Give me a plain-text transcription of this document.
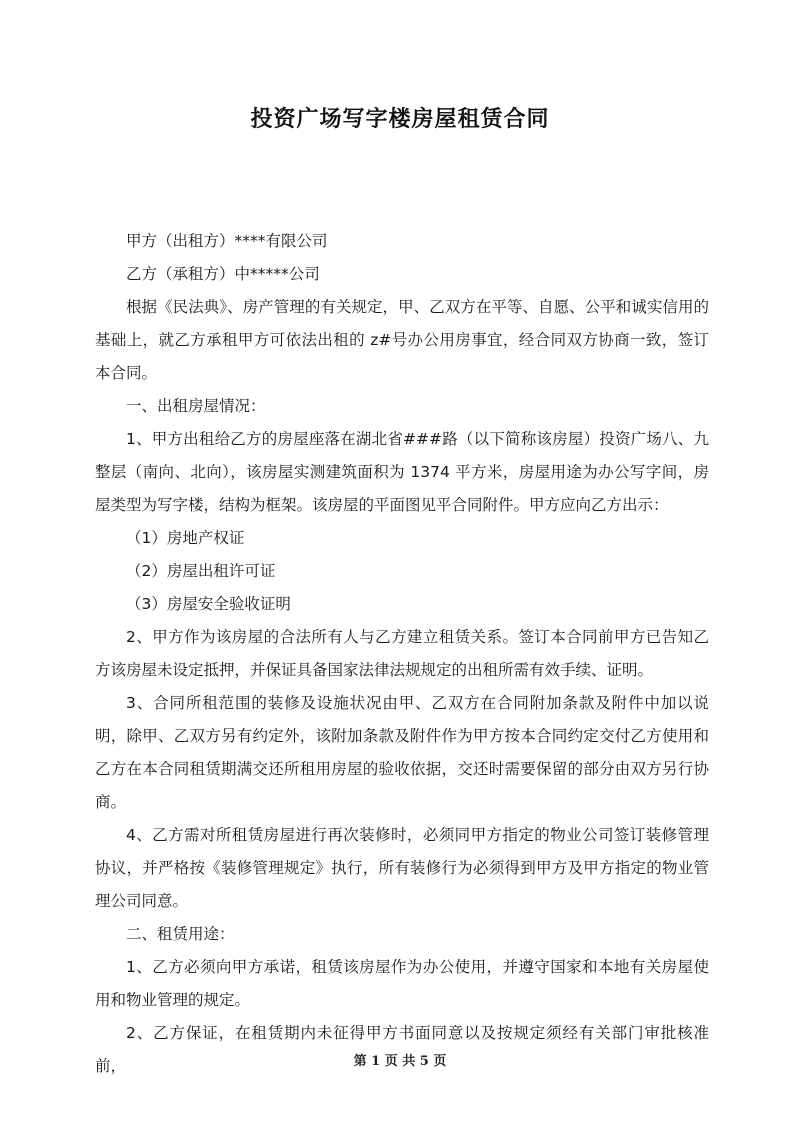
投资广场写字楼房屋租赁合同

甲方（出租方）****有限公司

乙方（承租方）中*****公司

根据《民法典》、房产管理的有关规定，甲、乙双方在平等、自愿、公平和诚实信用的基础上，就乙方承租甲方可依法出租的 z#号办公用房事宜，经合同双方协商一致，签订本合同。

一、出租房屋情况：

1、甲方出租给乙方的房屋座落在湖北省###路（以下简称该房屋）投资广场八、九整层（南向、北向），该房屋实测建筑面积为 1374 平方米，房屋用途为办公写字间，房屋类型为写字楼，结构为框架。该房屋的平面图见平合同附件。甲方应向乙方出示：

（1）房地产权证

（2）房屋出租许可证

（3）房屋安全验收证明

2、甲方作为该房屋的合法所有人与乙方建立租赁关系。签订本合同前甲方已告知乙方该房屋未设定抵押，并保证具备国家法律法规规定的出租所需有效手续、证明。

3、合同所租范围的装修及设施状况由甲、乙双方在合同附加条款及附件中加以说明，除甲、乙双方另有约定外，该附加条款及附件作为甲方按本合同约定交付乙方使用和乙方在本合同租赁期满交还所租用房屋的验收依据，交还时需要保留的部分由双方另行协商。

4、乙方需对所租赁房屋进行再次装修时，必须同甲方指定的物业公司签订装修管理协议，并严格按《装修管理规定》执行，所有装修行为必须得到甲方及甲方指定的物业管理公司同意。

二、租赁用途：

1、乙方必须向甲方承诺，租赁该房屋作为办公使用，并遵守国家和本地有关房屋使用和物业管理的规定。

2、乙方保证，在租赁期内未征得甲方书面同意以及按规定须经有关部门审批核准前，	第 1 页 共 5 页
